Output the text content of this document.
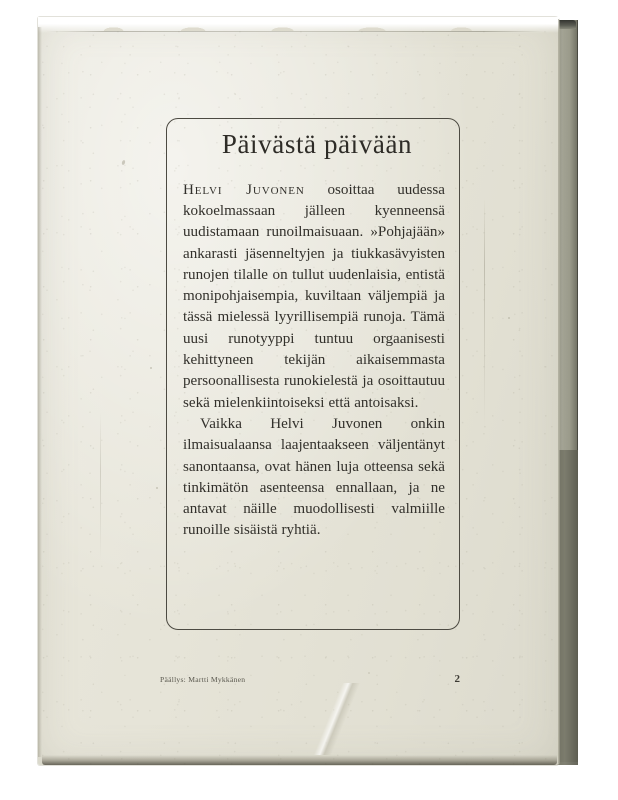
Päivästä päivään

Helvi Juvonen osoittaa uudessa kokoelmassaan jälleen kyenneensä uudistamaan runoilmaisuaan. »Pohjajään» ankarasti jäsenneltyjen ja tiukkasävyisten runojen tilalle on tullut uudenlaisia, entistä monipohjaisempia, kuviltaan väljempiä ja tässä mielessä lyyrillisempiä runoja. Tämä uusi runotyyppi tuntuu orgaanisesti kehittyneen tekijän aikaisemmasta persoonallisesta runokielestä ja osoittautuu sekä mielenkiintoiseksi että antoisaksi.

Vaikka Helvi Juvonen onkin ilmaisualaansa laajentaakseen väljentänyt sanontaansa, ovat hänen luja otteensa sekä tinkimätön asenteensa ennallaan, ja ne antavat näille muodollisesti valmiille runoille sisäistä ryhtiä.

Päällys: Martti Mykkänen	2
